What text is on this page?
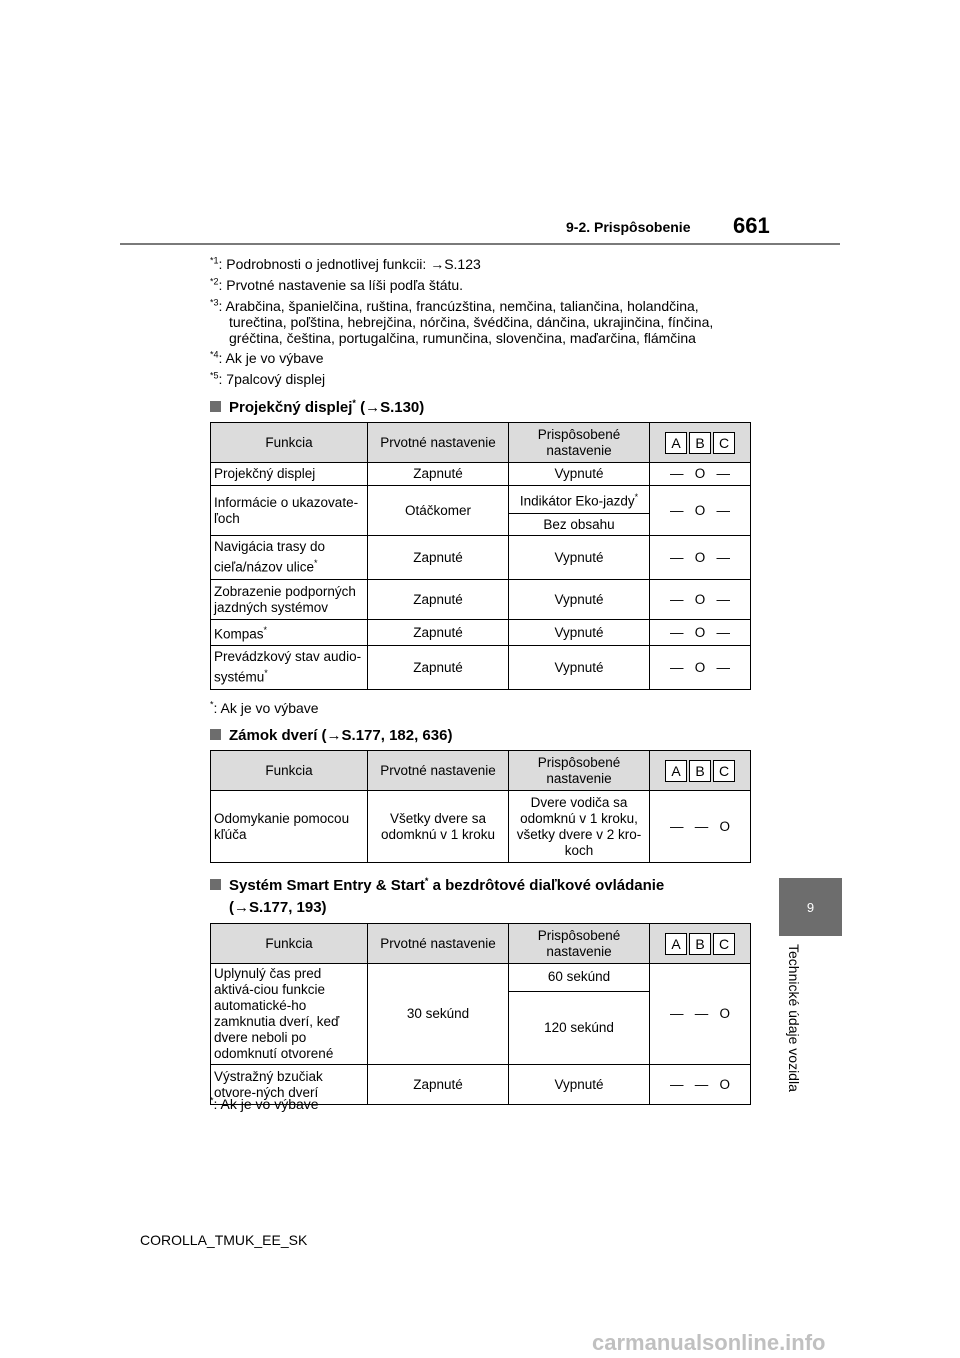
9-2. Prispôsobenie 661
9
Technické údaje vozidla
$^{*1}$: Podrobnosti o jednotlivej funkcii: →S.123
$^{*2}$: Prvotné nastavenie sa líši podľa štátu.
$^{*3}$: Arabčina, španielčina, ruština, francúzština, nemčina, taliančina, holandčina,
turečtina, poľština, hebrejčina, nórčina, švédčina, dánčina, ukrajinčina, fínčina,
gréčtina, čeština, portugalčina, rumunčina, slovenčina, maďarčina, flámčina
$^{*4}$: Ak je vo výbave
$^{*5}$: 7palcový displej
Projekčný displej* (→S.130)
Funkcia	Prvotné nastavenie	Prispôsobené nastavenie	A B C
Projekčný displej	Zapnuté	Vypnuté	— O —
Informácie o ukazovate-ľoch	Otáčkomer	Indikátor Eko-jazdy*	— O —
		Bez obsahu	
Navigácia trasy do cieľa/názov ulice*	Zapnuté	Vypnuté	— O —
Zobrazenie podporných jazdných systémov	Zapnuté	Vypnuté	— O —
Kompas*	Zapnuté	Vypnuté	— O —
Prevádzkový stav audio-systému*	Zapnuté	Vypnuté	— O —
*: Ak je vo výbave
Zámok dverí (→S.177, 182, 636)
Funkcia	Prvotné nastavenie	Prispôsobené nastavenie	A B C
Odomykanie pomocou kľúča	Všetky dvere sa odomknú v 1 kroku	Dvere vodiča sa odomknú v 1 kroku, všetky dvere v 2 kro-koch	— — O
Systém Smart Entry & Start* a bezdrôtové diaľkové ovládanie
(→S.177, 193)
Funkcia	Prvotné nastavenie	Prispôsobené nastavenie	A B C
Uplynulý čas pred aktivá-ciou funkcie automatické-ho zamknutia dverí, keď dvere neboli po odomknutí otvorené	30 sekúnd	60 sekúnd	— — O
		120 sekúnd	
Výstražný bzučiak otvore-ných dverí	Zapnuté	Vypnuté	— — O
*: Ak je vo výbave
COROLLA_TMUK_EE_SK
carmanualsonline.info
